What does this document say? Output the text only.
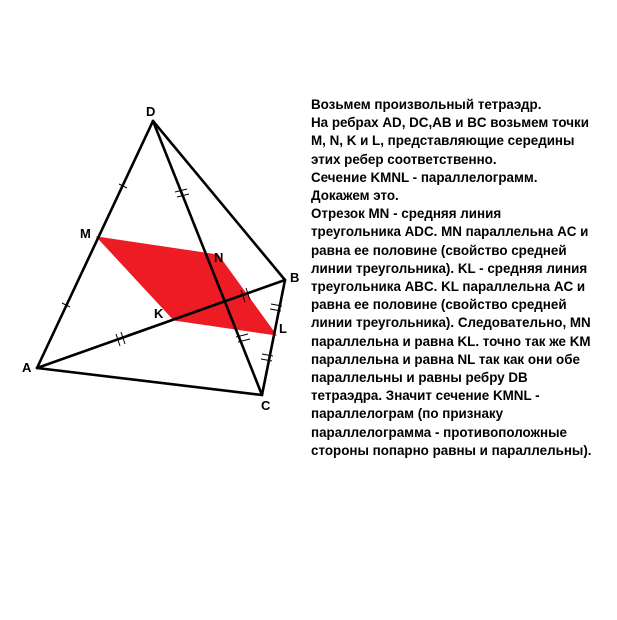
D
B
A
C
M
N
K
L
Возьмем произвольный тетраэдр.
На ребрах AD, DC,AB и BC возьмем точки
M, N, K и L, представляющие середины
этих ребер соответственно.
Сечение KMNL - параллелограмм.
Докажем это.
Отрезок MN - средняя линия
треугольника ADC. MN параллельна AC и
равна ее половине (свойство средней
линии треугольника). KL - средняя линия
треугольника ABC. KL параллельна AC и
равна ее половине (свойство средней
линии треугольника). Следовательно, MN
параллельна и равна KL. точно так же KM
параллельна и равна NL так как они обе
параллельны и равны ребру DB
тетраэдра. Значит сечение KMNL -
параллелограм (по признаку
параллелограмма - противоположные
стороны попарно равны и параллельны).
